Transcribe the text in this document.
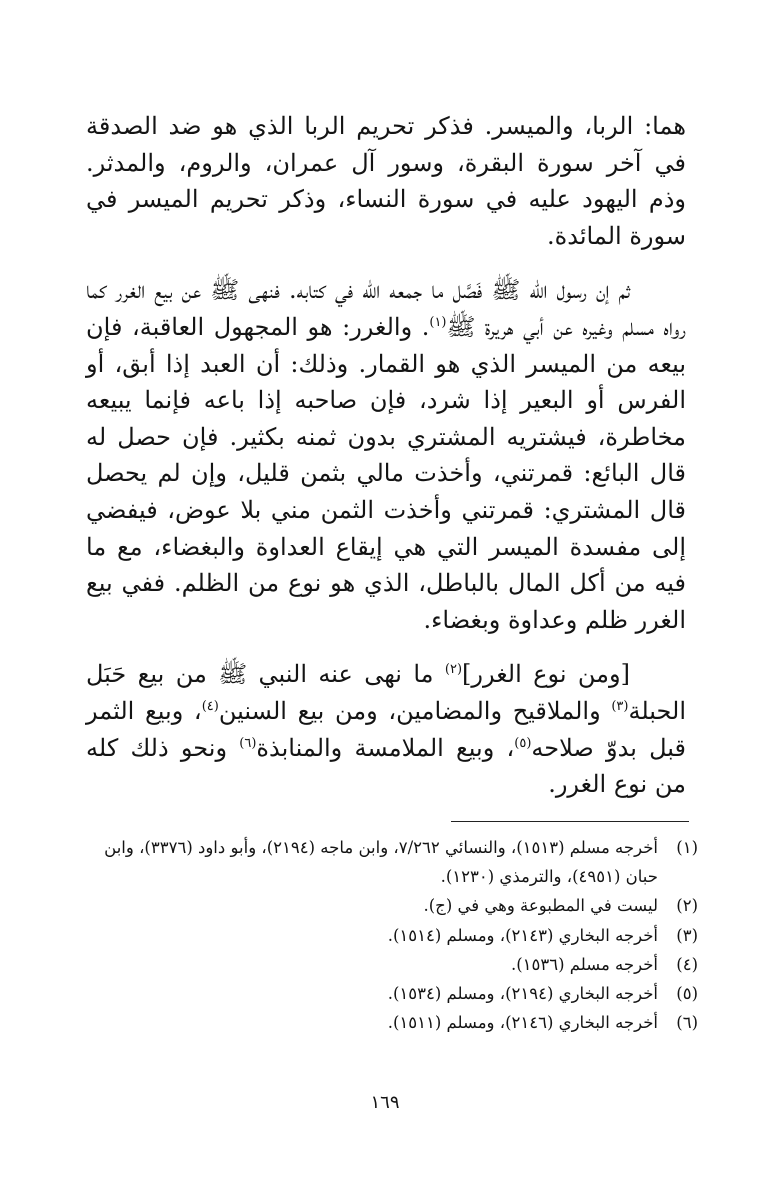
هما: الربا، والميسر. فذكر تحريم الربا الذي هو ضد الصدقة في آخر سورة البقرة، وسور آل عمران، والروم، والمدثر. وذم اليهود عليه في سورة النساء، وذكر تحريم الميسر في سورة المائدة.

ثم إن رسول الله ﷺ فَصَّل ما جمعه الله في كتابه. فنهى ﷺ عن بيع الغرر كما رواه مسلم وغيره عن أبي هريرة ﷺ$^{(١)}$. والغرر: هو المجهول العاقبة، فإن بيعه من الميسر الذي هو القمار. وذلك: أن العبد إذا أبق، أو الفرس أو البعير إذا شرد، فإن صاحبه إذا باعه فإنما يبيعه مخاطرة، فيشتريه المشتري بدون ثمنه بكثير. فإن حصل له قال البائع: قمرتني، وأخذت مالي بثمن قليل، وإن لم يحصل قال المشتري: قمرتني وأخذت الثمن مني بلا عوض، فيفضي إلى مفسدة الميسر التي هي إيقاع العداوة والبغضاء، مع ما فيه من أكل المال بالباطل، الذي هو نوع من الظلم. ففي بيع الغرر ظلم وعداوة وبغضاء.

[ومن نوع الغرر]$^{(٢)}$ ما نهى عنه النبي ﷺ من بيع حَبَل الحبلة$^{(٣)}$ والملاقيح والمضامين، ومن بيع السنين$^{(٤)}$، وبيع الثمر قبل بدوّ صلاحه$^{(٥)}$، وبيع الملامسة والمنابذة$^{(٦)}$ ونحو ذلك كله من نوع الغرر.

(١)
أخرجه مسلم (١٥١٣)، والنسائي ٧/٢٦٢، وابن ماجه (٢١٩٤)، وأبو داود (٣٣٧٦)، وابن حبان (٤٩٥١)، والترمذي (١٢٣٠).
(٢)
ليست في المطبوعة وهي في (ج).
(٣)
أخرجه البخاري (٢١٤٣)، ومسلم (١٥١٤).
(٤)
أخرجه مسلم (١٥٣٦).
(٥)
أخرجه البخاري (٢١٩٤)، ومسلم (١٥٣٤).
(٦)
أخرجه البخاري (٢١٤٦)، ومسلم (١٥١١).
١٦٩
